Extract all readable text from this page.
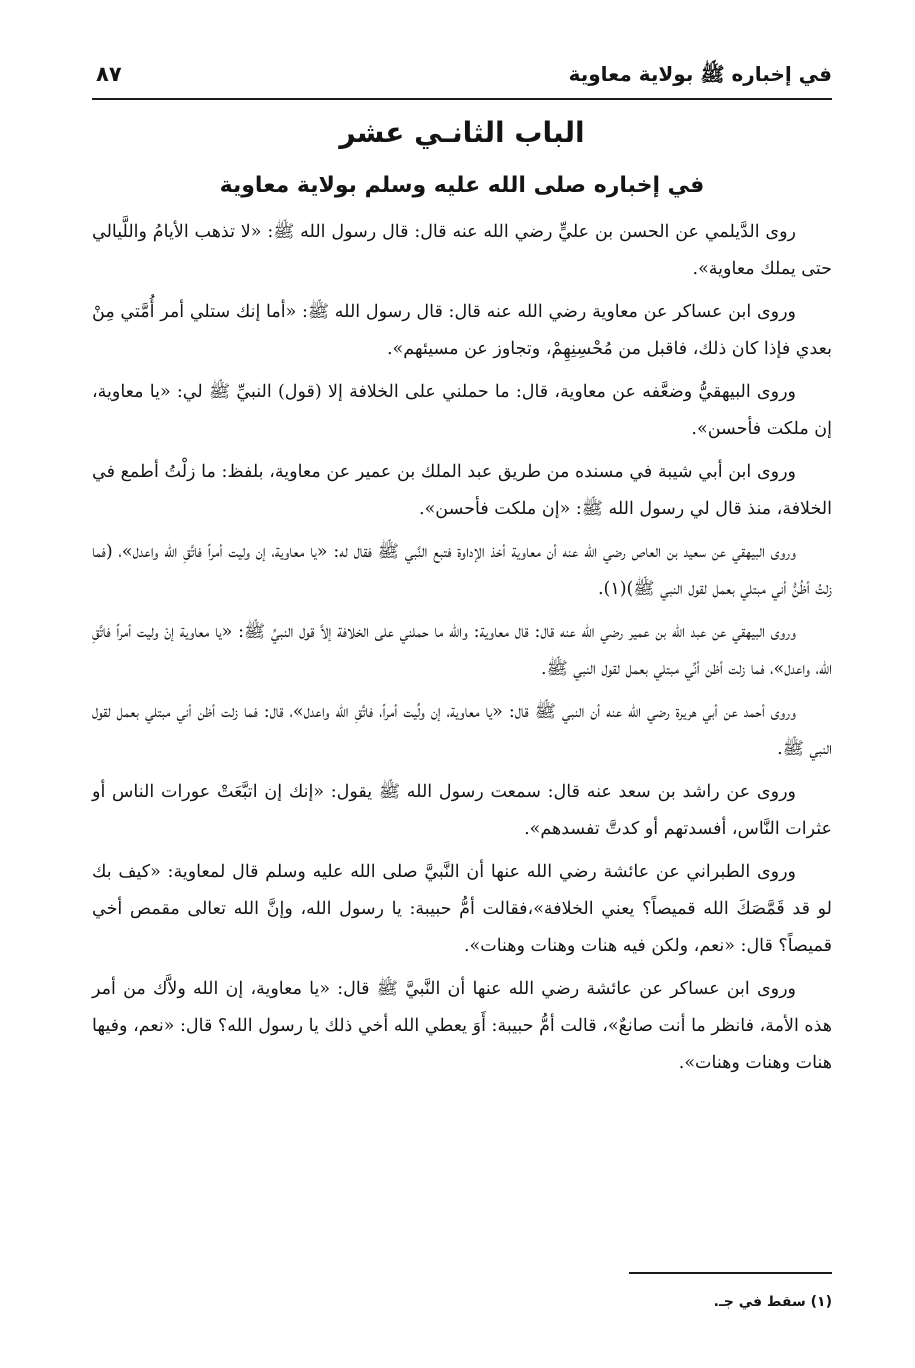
في إخباره ﷺ بولاية معاوية
٨٧
الباب الثانـي عشر
في إخباره صلى الله عليه وسلم بولاية معاوية

روى الدَّيلمي عن الحسن بن عليٍّ رضي الله عنه قال: قال رسول الله ﷺ: «لا تذهب الأيامُ واللَّيالي حتى يملك معاوية».

وروى ابن عساكر عن معاوية رضي الله عنه قال: قال رسول الله ﷺ: «أما إنك ستلي أمر أُمَّتي مِنْ بعدي فإذا كان ذلك، فاقبل من مُحْسِنِهِمْ، وتجاوز عن مسيئهم».

وروى البيهقيُّ وضعَّفه عن معاوية، قال: ما حملني على الخلافة إلا (قول) النبيِّ ﷺ لي: «يا معاوية، إن ملكت فأحسن».

وروى ابن أبي شيبة في مسنده من طريق عبد الملك بن عمير عن معاوية، بلفظ: ما زلْتُ أطمع في الخلافة، منذ قال لي رسول الله ﷺ: «إن ملكت فأحسن».

وروى البيهقي عن سعيد بن العاص رضي الله عنه أن معاوية أخذ الإداوة فتبع النَّبي ﷺ فقال له: «يا معاوية، إن وليت أمراً فاتَّقِ الله واعدل»، (فما زلتُ أظُنُّ أني مبتلي بعمل لقول النبي ﷺ)(١).

وروى البيهقي عن عبد الله بن عمير رضي الله عنه قال: قال معاوية: والله ما حملني على الخلافة إلاَّ قول النبيِّ ﷺ: «يا معاوية إنْ وليت أمراً فاتَّقِ الله، واعدل»، فما زلت أظن أنِّي مبتلي بعمل لقول النبي ﷺ.

وروى أحمد عن أبي هريرة رضي الله عنه أن النبي ﷺ قال: «يا معاوية، إن ولِّيت أمراً، فاتَّقِ الله واعدل»، قال: فما زلت أظن أني مبتلي بعمل لقول النبي ﷺ.

وروى عن راشد بن سعد عنه قال: سمعت رسول الله ﷺ يقول: «إنك إن اتبَّعَتْ عورات الناس أو عثرات النَّاس، أفسدتهم أو كدتَّ تفسدهم».

وروى الطبراني عن عائشة رضي الله عنها أن النَّبيَّ صلى الله عليه وسلم قال لمعاوية: «كيف بك لو قد قَمَّصَكَ الله قميصاً؟ يعني الخلافة»،فقالت أمُّ حبيبة: يا رسول الله، وإنَّ الله تعالى مقمص أخي قميصاً؟ قال: «نعم، ولكن فيه هنات وهنات وهنات».

وروى ابن عساكر عن عائشة رضي الله عنها أن النَّبيَّ ﷺ قال: «يا معاوية، إن الله ولاَّك من أمر هذه الأمة، فانظر ما أنت صانعٌ»، قالت أمُّ حبيبة: أَوَ يعطي الله أخي ذلك يا رسول الله؟ قال: «نعم، وفيها هنات وهنات وهنات».

(١) سقط في جـ.
